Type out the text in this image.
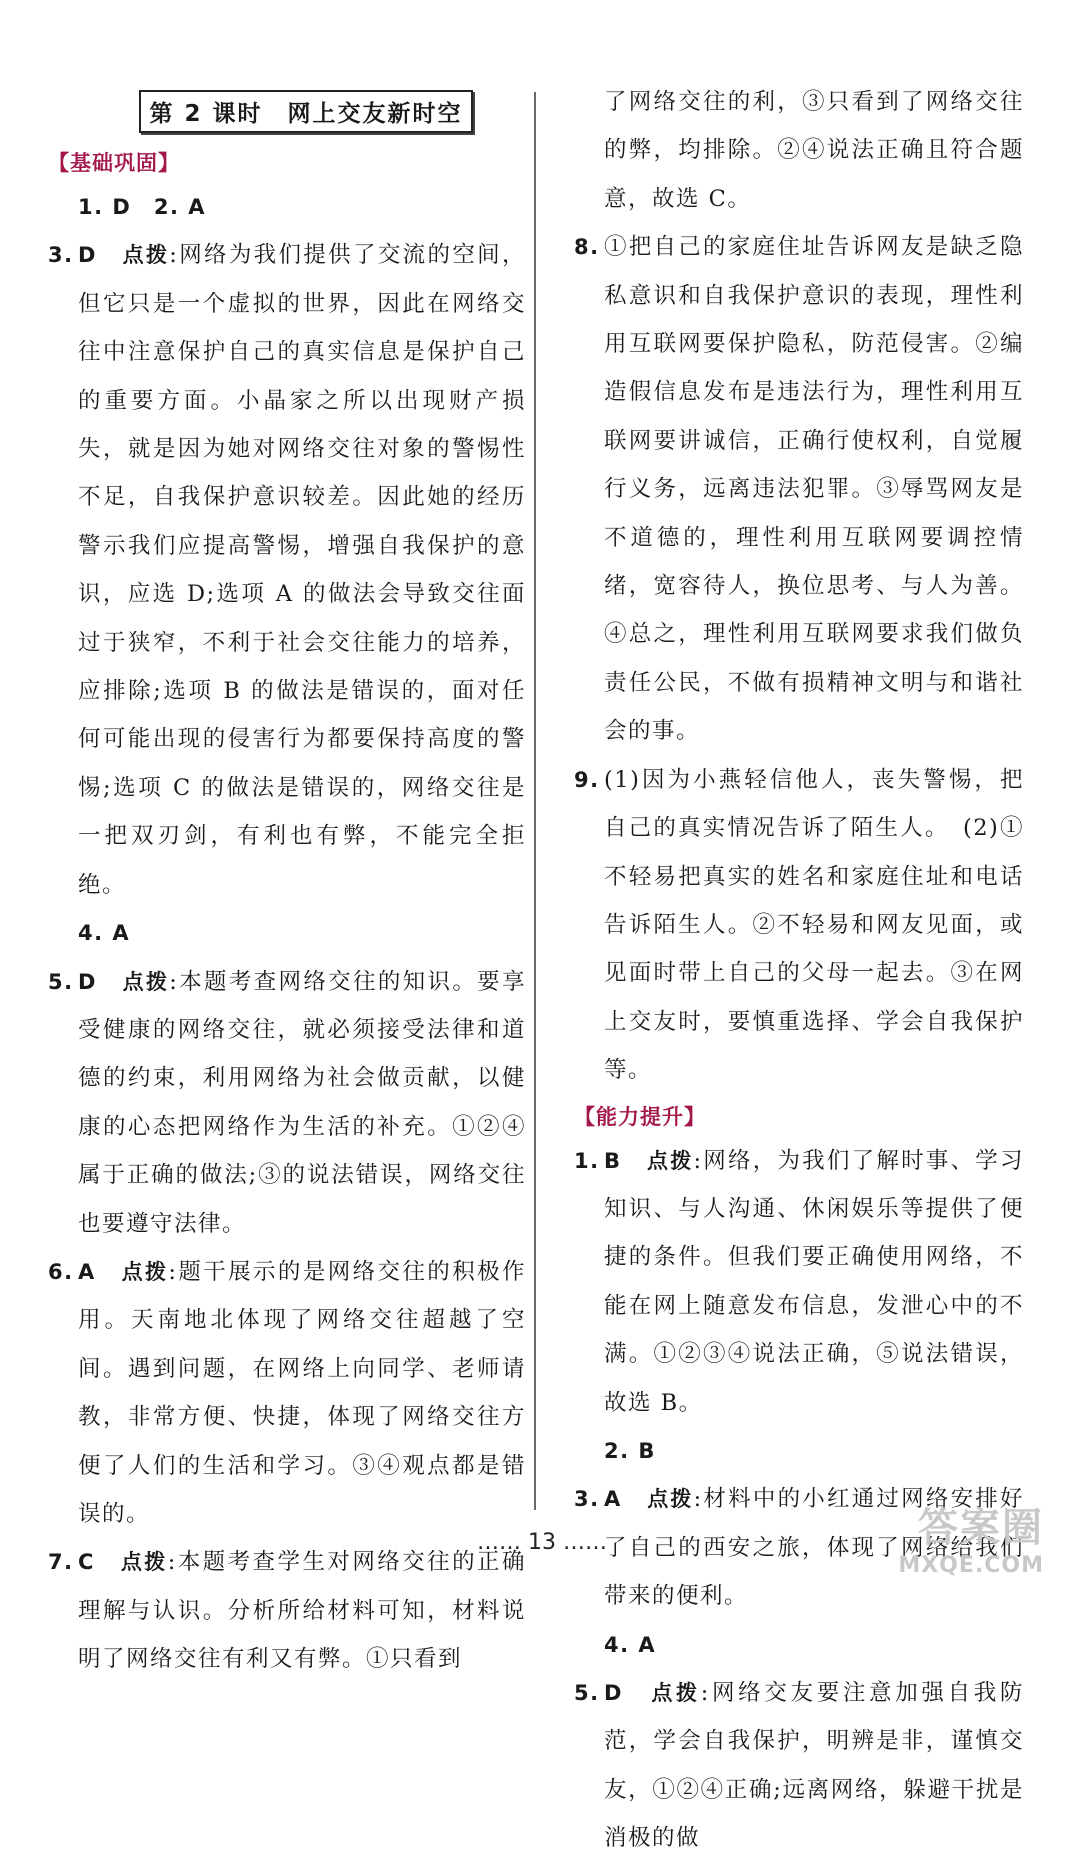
第 2 课时　网上交友新时空
【基础巩固】
1. D　2. A
3. D　 点拨:网络为我们提供了交流的空间，但它只是一个虚拟的世界，因此在网络交往中注意保护自己的真实信息是保护自己的重要方面。小晶家之所以出现财产损失，就是因为她对网络交往对象的警惕性不足，自我保护意识较差。因此她的经历警示我们应提高警惕，增强自我保护的意识，应选 D;选项 A 的做法会导致交往面过于狭窄，不利于社会交往能力的培养，应排除;选项 B 的做法是错误的，面对任何可能出现的侵害行为都要保持高度的警惕;选项 C 的做法是错误的，网络交往是一把双刃剑，有利也有弊，不能完全拒绝。
4. A
5. D　 点拨:本题考查网络交往的知识。要享受健康的网络交往，就必须接受法律和道德的约束，利用网络为社会做贡献，以健康的心态把网络作为生活的补充。①②④属于正确的做法;③的说法错误，网络交往也要遵守法律。
6. A　 点拨:题干展示的是网络交往的积极作用。天南地北体现了网络交往超越了空间。遇到问题，在网络上向同学、老师请教，非常方便、快捷，体现了网络交往方便了人们的生活和学习。③④观点都是错误的。
7. C　 点拨:本题考查学生对网络交往的正确理解与认识。分析所给材料可知，材料说明了网络交往有利又有弊。①只看到
了网络交往的利，③只看到了网络交往的弊，均排除。②④说法正确且符合题意，故选 C。
8. ①把自己的家庭住址告诉网友是缺乏隐私意识和自我保护意识的表现，理性利用互联网要保护隐私，防范侵害。②编造假信息发布是违法行为，理性利用互联网要讲诚信，正确行使权利，自觉履行义务，远离违法犯罪。③辱骂网友是不道德的，理性利用互联网要调控情绪，宽容待人，换位思考、与人为善。④总之，理性利用互联网要求我们做负责任公民，不做有损精神文明与和谐社会的事。
9. (1)因为小燕轻信他人，丧失警惕，把自己的真实情况告诉了陌生人。　(2)①不轻易把真实的姓名和家庭住址和电话告诉陌生人。②不轻易和网友见面，或见面时带上自己的父母一起去。③在网上交友时，要慎重选择、学会自我保护等。
【能力提升】
1. B　 点拨:网络，为我们了解时事、学习知识、与人沟通、休闲娱乐等提供了便捷的条件。但我们要正确使用网络，不能在网上随意发布信息，发泄心中的不满。①②③④说法正确，⑤说法错误，故选 B。
2. B
3. A　 点拨:材料中的小红通过网络安排好了自己的西安之旅，体现了网络给我们带来的便利。
4. A
5. D　 点拨:网络交友要注意加强自我防范，学会自我保护，明辨是非，谨慎交友，①②④正确;远离网络，躲避干扰是消极的做
…… 13 ……	答案圈
MXQE.COM
